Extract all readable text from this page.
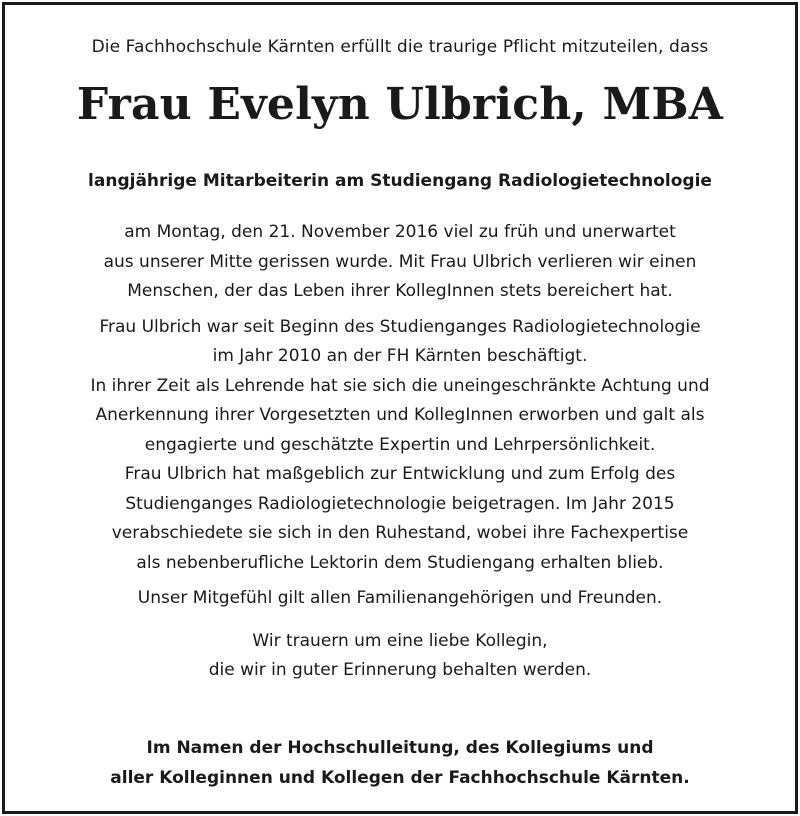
Die Fachhochschule Kärnten erfüllt die traurige Pflicht mitzuteilen, dass

Frau Evelyn Ulbrich, MBA

langjährige Mitarbeiterin am Studiengang Radiologietechnologie

am Montag, den 21. November 2016 viel zu früh und unerwartet
aus unserer Mitte gerissen wurde. Mit Frau Ulbrich verlieren wir einen
Menschen, der das Leben ihrer KollegInnen stets bereichert hat.

Frau Ulbrich war seit Beginn des Studienganges Radiologietechnologie
im Jahr 2010 an der FH Kärnten beschäftigt.
In ihrer Zeit als Lehrende hat sie sich die uneingeschränkte Achtung und
Anerkennung ihrer Vorgesetzten und KollegInnen erworben und galt als
engagierte und geschätzte Expertin und Lehrpersönlichkeit.
Frau Ulbrich hat maßgeblich zur Entwicklung und zum Erfolg des
Studienganges Radiologietechnologie beigetragen. Im Jahr 2015
verabschiedete sie sich in den Ruhestand, wobei ihre Fachexpertise
als nebenberufliche Lektorin dem Studiengang erhalten blieb.

Unser Mitgefühl gilt allen Familienangehörigen und Freunden.

Wir trauern um eine liebe Kollegin,
die wir in guter Erinnerung behalten werden.

Im Namen der Hochschulleitung, des Kollegiums und
aller Kolleginnen und Kollegen der Fachhochschule Kärnten.
